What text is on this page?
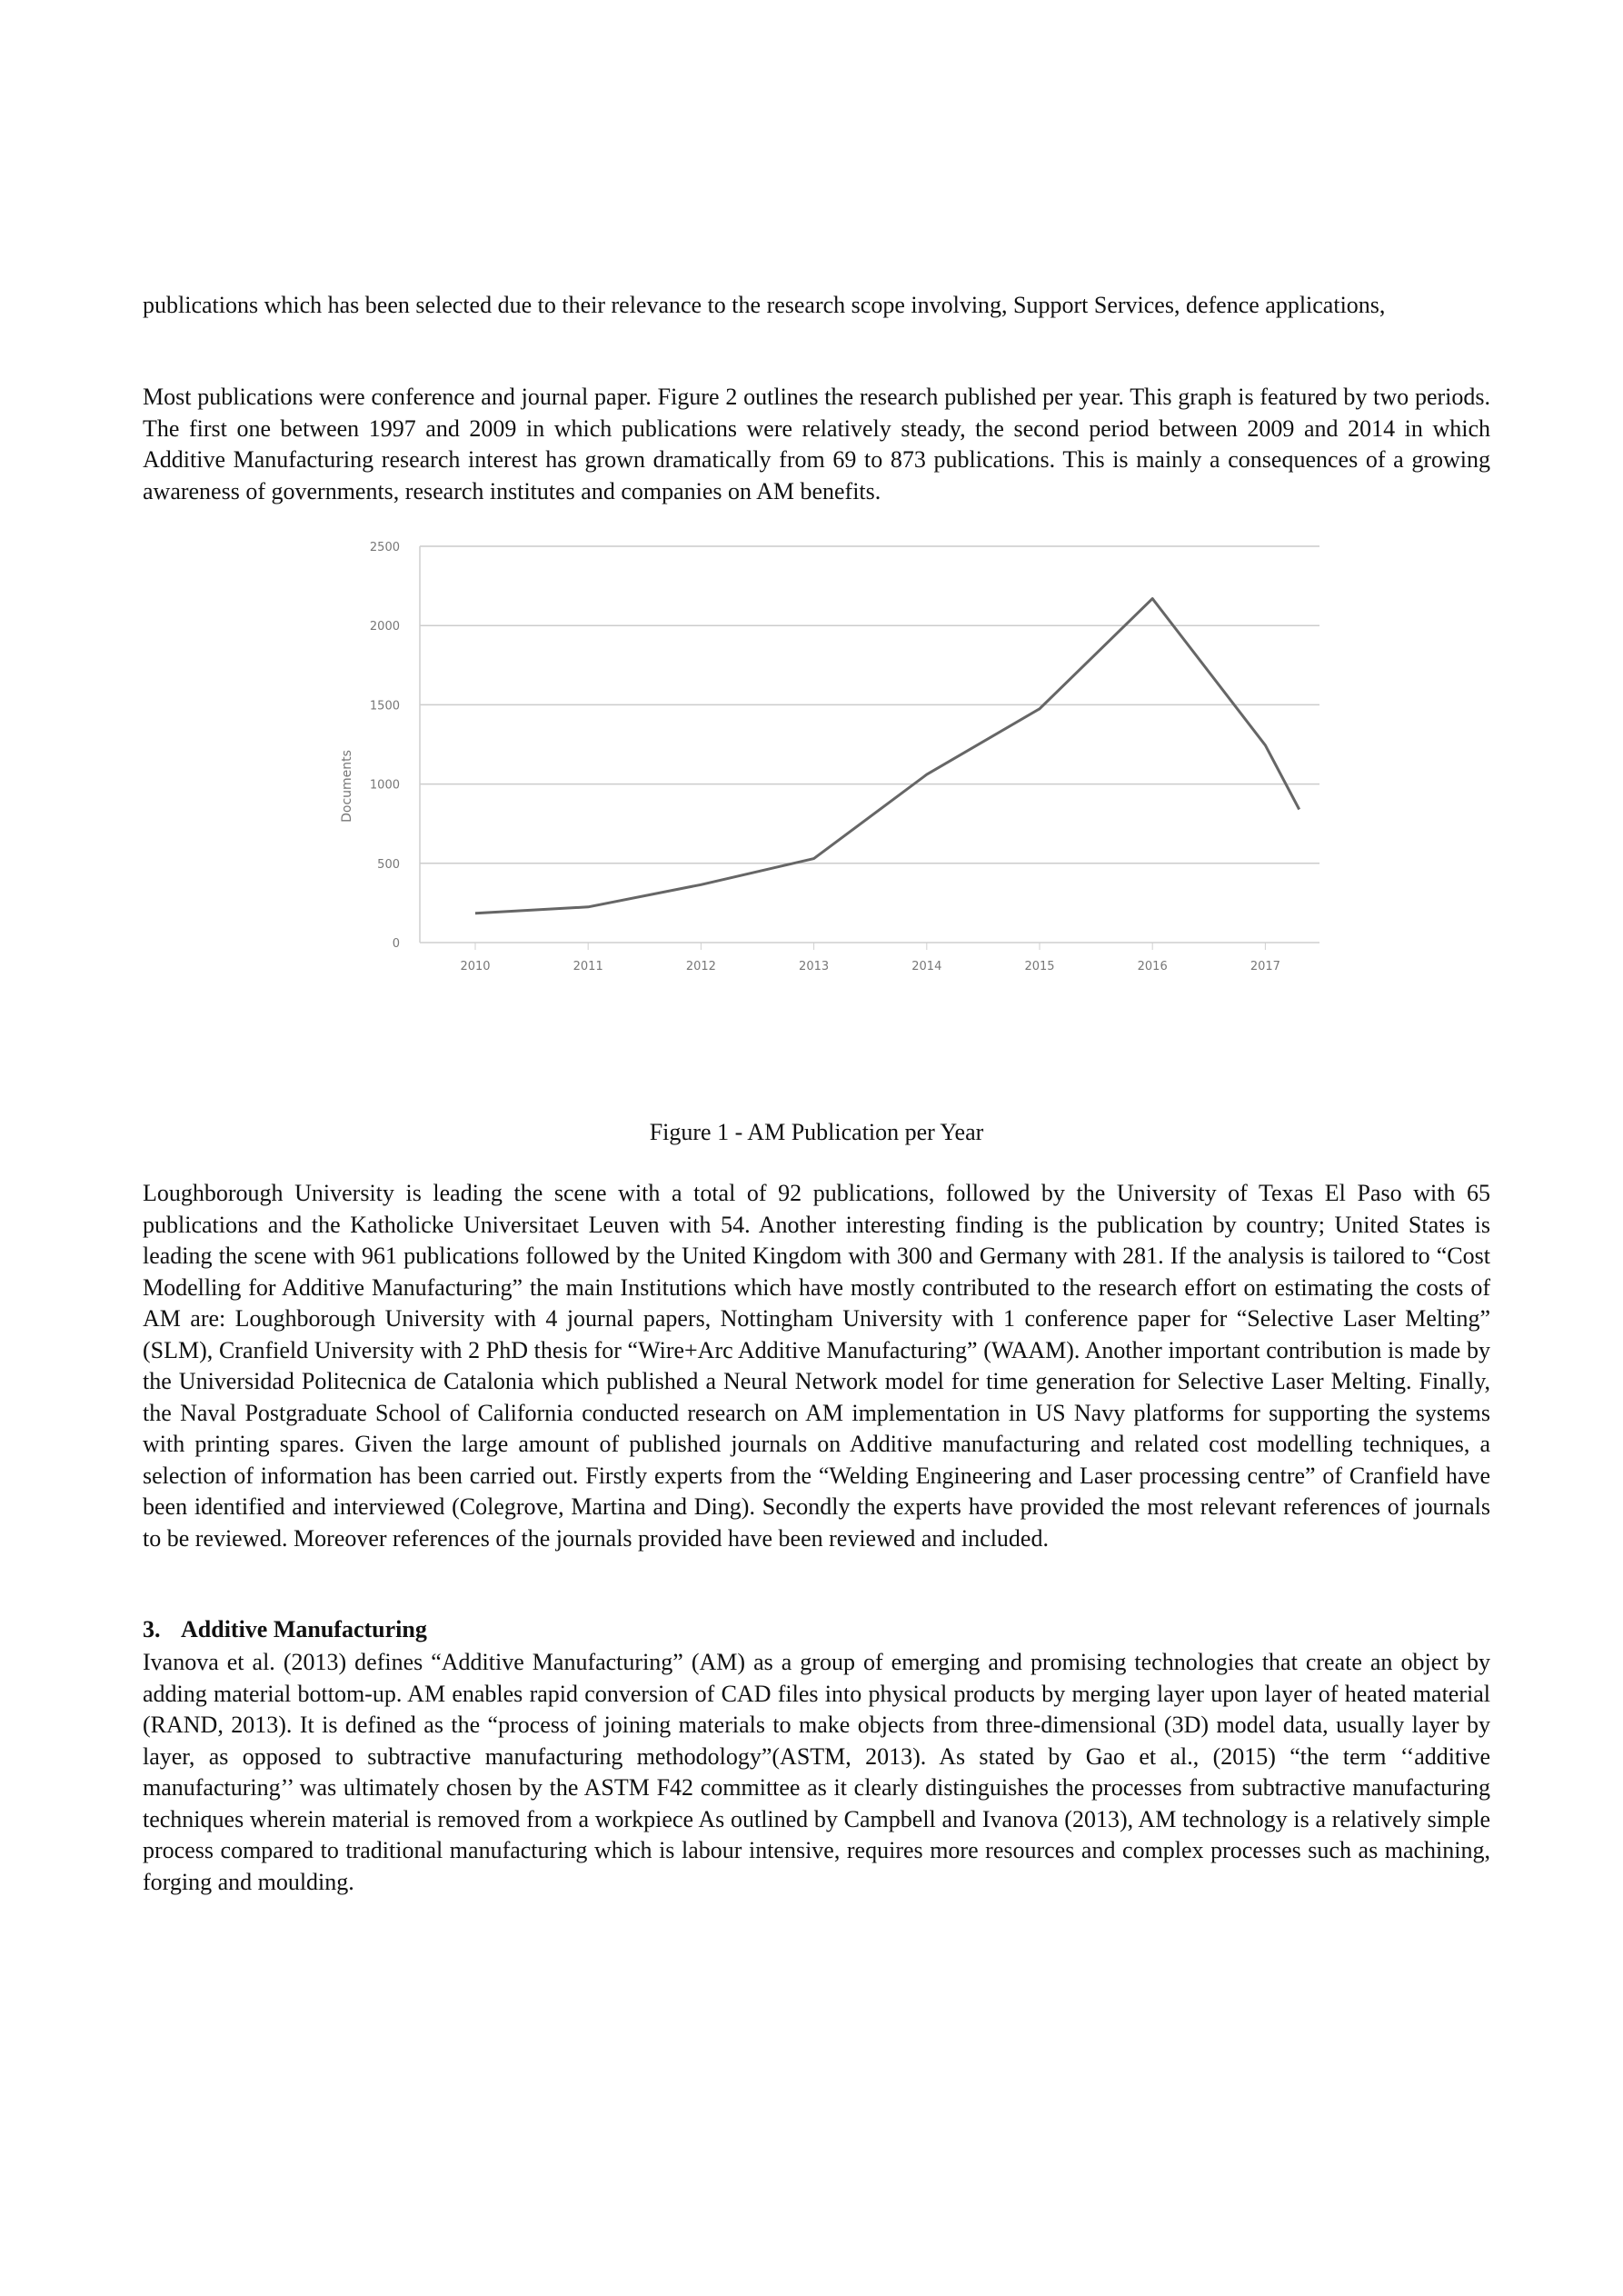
publications which has been selected due to their relevance to the research scope involving, Support Services, defence applications,

Most publications were conference and journal paper. Figure 2 outlines the research published per year. This graph is featured by two periods. The first one between 1997 and 2009 in which publications were relatively steady, the second period between 2009 and 2014 in which Additive Manufacturing research interest has grown dramatically from 69 to 873 publications. This is mainly a consequences of a growing awareness of governments, research institutes and companies on AM benefits.

Figure 1 - AM Publication per Year

Loughborough University is leading the scene with a total of 92 publications, followed by the University of Texas El Paso with 65 publications and the Katholicke Universitaet Leuven with 54. Another interesting finding is the publication by country; United States is leading the scene with 961 publications followed by the United Kingdom with 300 and Germany with 281. If the analysis is tailored to “Cost Modelling for Additive Manufacturing” the main Institutions which have mostly contributed to the research effort on estimating the costs of AM are: Loughborough University with 4 journal papers, Nottingham University with 1 conference paper for “Selective Laser Melting” (SLM), Cranfield University with 2 PhD thesis for “Wire+Arc Additive Manufacturing” (WAAM). Another important contribution is made by the Universidad Politecnica de Catalonia which published a Neural Network model for time generation for Selective Laser Melting. Finally, the Naval Postgraduate School of California conducted research on AM implementation in US Navy platforms for supporting the systems with printing spares. Given the large amount of published journals on Additive manufacturing and related cost modelling techniques, a selection of information has been carried out. Firstly experts from the “Welding Engineering and Laser processing centre” of Cranfield have been identified and interviewed (Colegrove, Martina and Ding). Secondly the experts have provided the most relevant references of journals to be reviewed. Moreover references of the journals provided have been reviewed and included.

3. Additive Manufacturing

Ivanova et al. (2013) defines “Additive Manufacturing” (AM) as a group of emerging and promising technologies that create an object by adding material bottom-up. AM enables rapid conversion of CAD files into physical products by merging layer upon layer of heated material (RAND, 2013). It is defined as the “process of joining materials to make objects from three-dimensional (3D) model data, usually layer by layer, as opposed to subtractive manufacturing methodology”(ASTM, 2013). As stated by Gao et al., (2015) “the term ‘‘additive manufacturing’’ was ultimately chosen by the ASTM F42 committee as it clearly distinguishes the processes from subtractive manufacturing techniques wherein material is removed from a workpiece As outlined by Campbell and Ivanova (2013), AM technology is a relatively simple process compared to traditional manufacturing which is labour intensive, requires more resources and complex processes such as machining, forging and moulding.

0
500
1000
1500
2000
2500
2010	2011	2012	2013	2014	2015	2016	2017
Documents
